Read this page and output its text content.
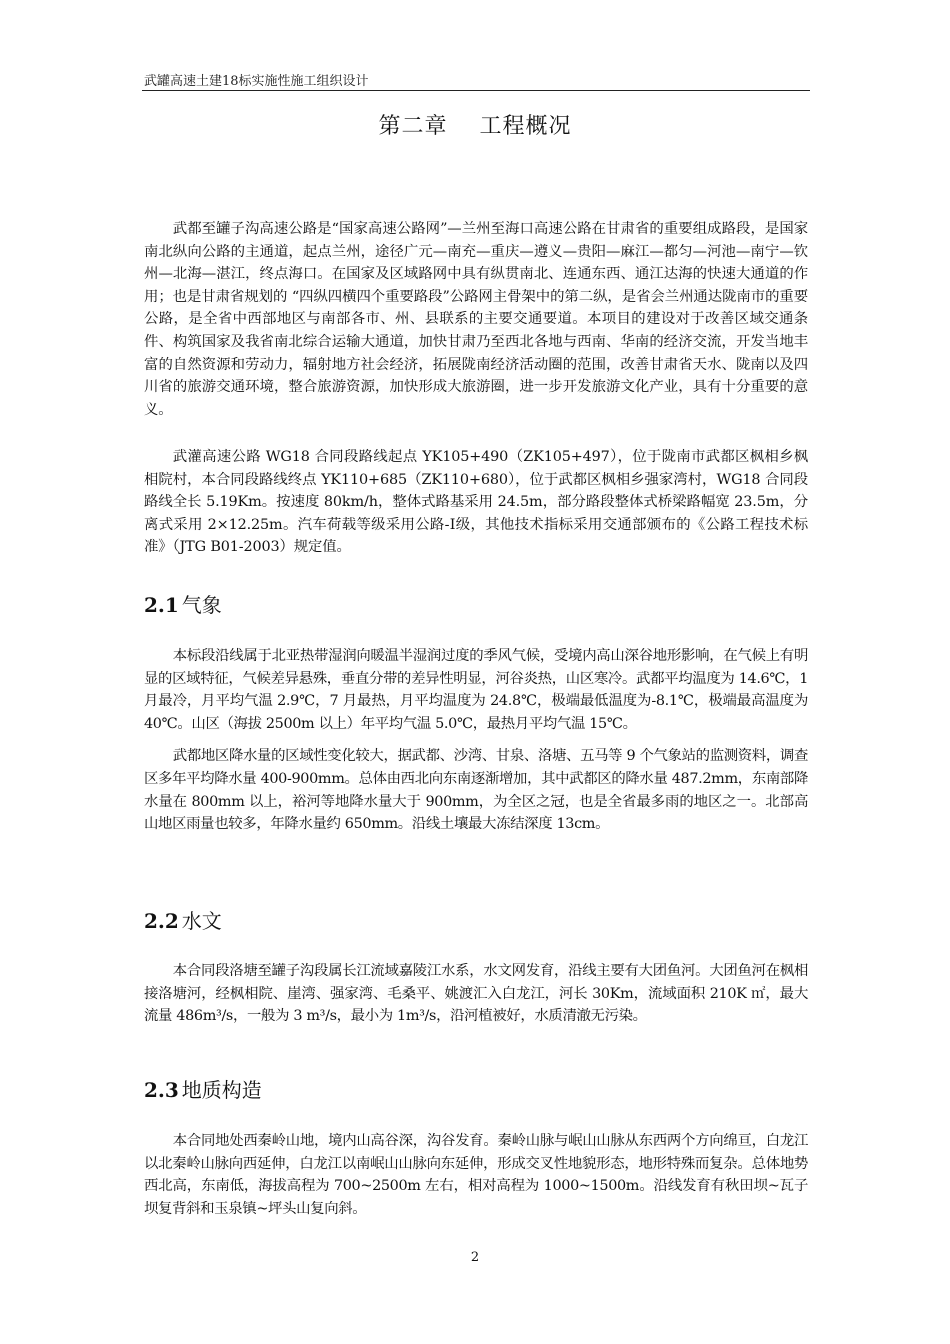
武罐高速土建18标实施性施工组织设计
第二章    工程概况

武都至罐子沟高速公路是“国家高速公路网”—兰州至海口高速公路在甘肃省的重要组成路段，是国家南北纵向公路的主通道，起点兰州，途径广元—南充—重庆—遵义—贵阳—麻江—都匀—河池—南宁—钦州—北海—湛江，终点海口。在国家及区域路网中具有纵贯南北、连通东西、通江达海的快速大通道的作用；也是甘肃省规划的 “四纵四横四个重要路段”公路网主骨架中的第二纵，是省会兰州通达陇南市的重要公路，是全省中西部地区与南部各市、州、县联系的主要交通要道。本项目的建设对于改善区域交通条件、构筑国家及我省南北综合运输大通道，加快甘肃乃至西北各地与西南、华南的经济交流，开发当地丰富的自然资源和劳动力，辐射地方社会经济，拓展陇南经济活动圈的范围，改善甘肃省天水、陇南以及四川省的旅游交通环境，整合旅游资源，加快形成大旅游圈，进一步开发旅游文化产业，具有十分重要的意义。

武灌高速公路 WG18 合同段路线起点 YK105+490（ZK105+497），位于陇南市武都区枫相乡枫相院村，本合同段路线终点 YK110+685（ZK110+680），位于武都区枫相乡强家湾村，WG18 合同段路线全长 5.19Km。按速度 80km/h，整体式路基采用 24.5m，部分路段整体式桥梁路幅宽 23.5m，分离式采用 2×12.25m。汽车荷载等级采用公路-Ⅰ级，其他技术指标采用交通部颁布的《公路工程技术标准》（JTG B01-2003）规定值。

2.1 气象

本标段沿线属于北亚热带湿润向暖温半湿润过度的季风气候，受境内高山深谷地形影响，在气候上有明显的区域特征，气候差异悬殊，垂直分带的差异性明显，河谷炎热，山区寒冷。武都平均温度为 14.6℃，1 月最冷，月平均气温 2.9℃，7 月最热，月平均温度为 24.8℃，极端最低温度为-8.1℃，极端最高温度为 40℃。山区（海拔 2500m 以上）年平均气温 5.0℃，最热月平均气温 15℃。

武都地区降水量的区域性变化较大，据武都、沙湾、甘泉、洛塘、五马等 9 个气象站的监测资料，调查区多年平均降水量 400-900mm。总体由西北向东南逐渐增加，其中武都区的降水量 487.2mm，东南部降水量在 800mm 以上，裕河等地降水量大于 900mm，为全区之冠，也是全省最多雨的地区之一。北部高山地区雨量也较多，年降水量约 650mm。沿线土壤最大冻结深度 13cm。

2.2 水文

本合同段洛塘至罐子沟段属长江流域嘉陵江水系，水文网发育，沿线主要有大团鱼河。大团鱼河在枫相接洛塘河，经枫相院、崖湾、强家湾、毛桑平、姚渡汇入白龙江，河长 30Km，流域面积 210K ㎡，最大流量 486m³/s，一般为 3 m³/s，最小为 1m³/s，沿河植被好，水质清澈无污染。

2.3 地质构造

本合同地处西秦岭山地，境内山高谷深，沟谷发育。秦岭山脉与岷山山脉从东西两个方向绵亘，白龙江以北秦岭山脉向西延伸，白龙江以南岷山山脉向东延伸，形成交叉性地貌形态，地形特殊而复杂。总体地势西北高，东南低，海拔高程为 700~2500m 左右，相对高程为 1000~1500m。沿线发育有秋田坝~瓦子坝复背斜和玉泉镇~坪头山复向斜。

2
